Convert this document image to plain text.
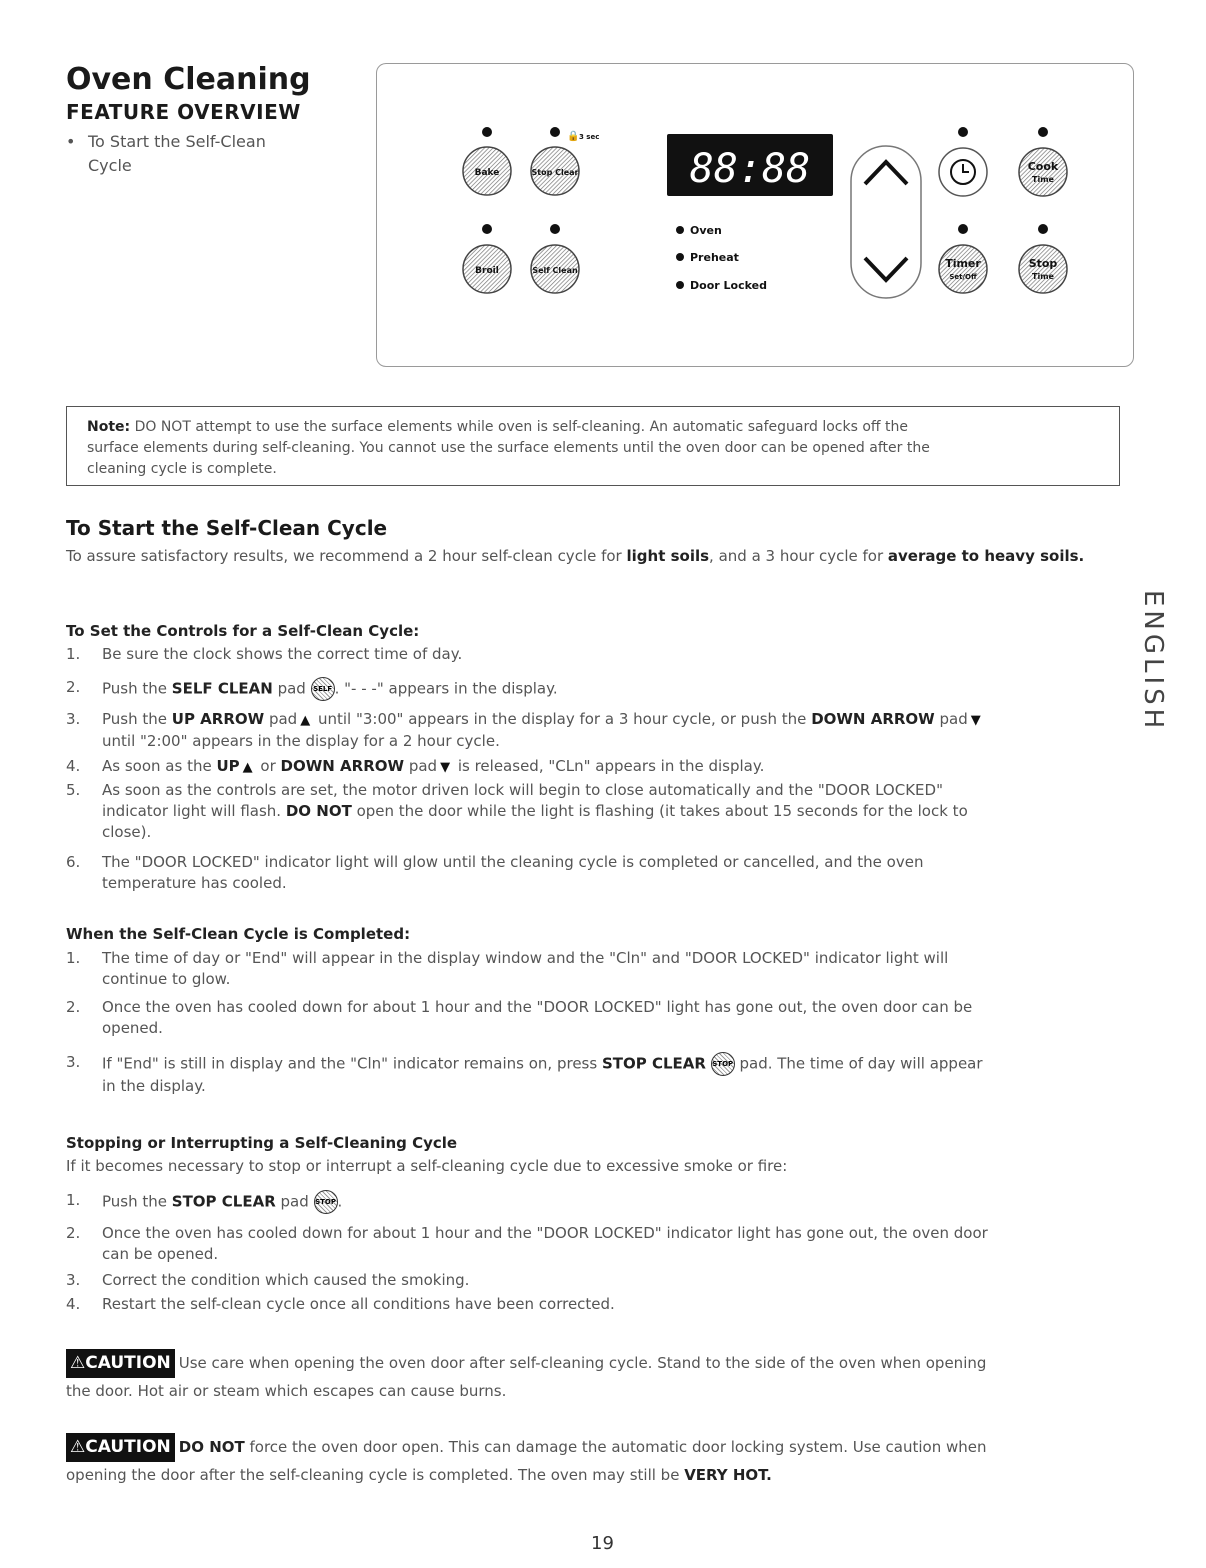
Oven Cleaning
FEATURE OVERVIEW
• To Start the Self-Clean
Cycle	Bake
🔒 3 sec
Stop Clear
Broil	Self Clean
88:88
Oven
Preheat
Door Locked
Cook
Time
Timer
Set/Off
Stop
Time
Note: DO NOT attempt to use the surface elements while oven is self-cleaning. An automatic safeguard locks off the
surface elements during self-cleaning. You cannot use the surface elements until the oven door can be opened after the
cleaning cycle is complete.
To Start the Self-Clean Cycle
To assure satisfactory results, we recommend a 2 hour self-clean cycle for light soils, and a 3 hour cycle for average to heavy soils.
To Set the Controls for a Self-Clean Cycle:
1. Be sure the clock shows the correct time of day.
2. Push the SELF CLEAN pad SELF . "- - -" appears in the display.
3. Push the UP ARROW pad ▲ until "3:00" appears in the display for a 3 hour cycle, or push the DOWN ARROW pad ▼
until "2:00" appears in the display for a 2 hour cycle.
4. As soon as the UP ▲ or DOWN ARROW pad ▼ is released, "CLn" appears in the display.
5. As soon as the controls are set, the motor driven lock will begin to close automatically and the "DOOR LOCKED"
indicator light will flash. DO NOT open the door while the light is flashing (it takes about 15 seconds for the lock to
close).
6. The "DOOR LOCKED" indicator light will glow until the cleaning cycle is completed or cancelled, and the oven
temperature has cooled.
When the Self-Clean Cycle is Completed:
1. The time of day or "End" will appear in the display window and the "Cln" and "DOOR LOCKED" indicator light will
continue to glow.
2. Once the oven has cooled down for about 1 hour and the "DOOR LOCKED" light has gone out, the oven door can be
opened.
3. If "End" is still in display and the "Cln" indicator remains on, press STOP CLEAR STOP pad. The time of day will appear
in the display.
Stopping or Interrupting a Self-Cleaning Cycle
If it becomes necessary to stop or interrupt a self-cleaning cycle due to excessive smoke or fire:
1. Push the STOP CLEAR pad STOP .
2. Once the oven has cooled down for about 1 hour and the "DOOR LOCKED" indicator light has gone out, the oven door
can be opened.
3. Correct the condition which caused the smoking.
4. Restart the self-clean cycle once all conditions have been corrected.
⚠CAUTION Use care when opening the oven door after self-cleaning cycle. Stand to the side of the oven when opening
the door. Hot air or steam which escapes can cause burns.
⚠CAUTION DO NOT force the oven door open. This can damage the automatic door locking system. Use caution when
opening the door after the self-cleaning cycle is completed. The oven may still be VERY HOT.
ENGLISH
19
